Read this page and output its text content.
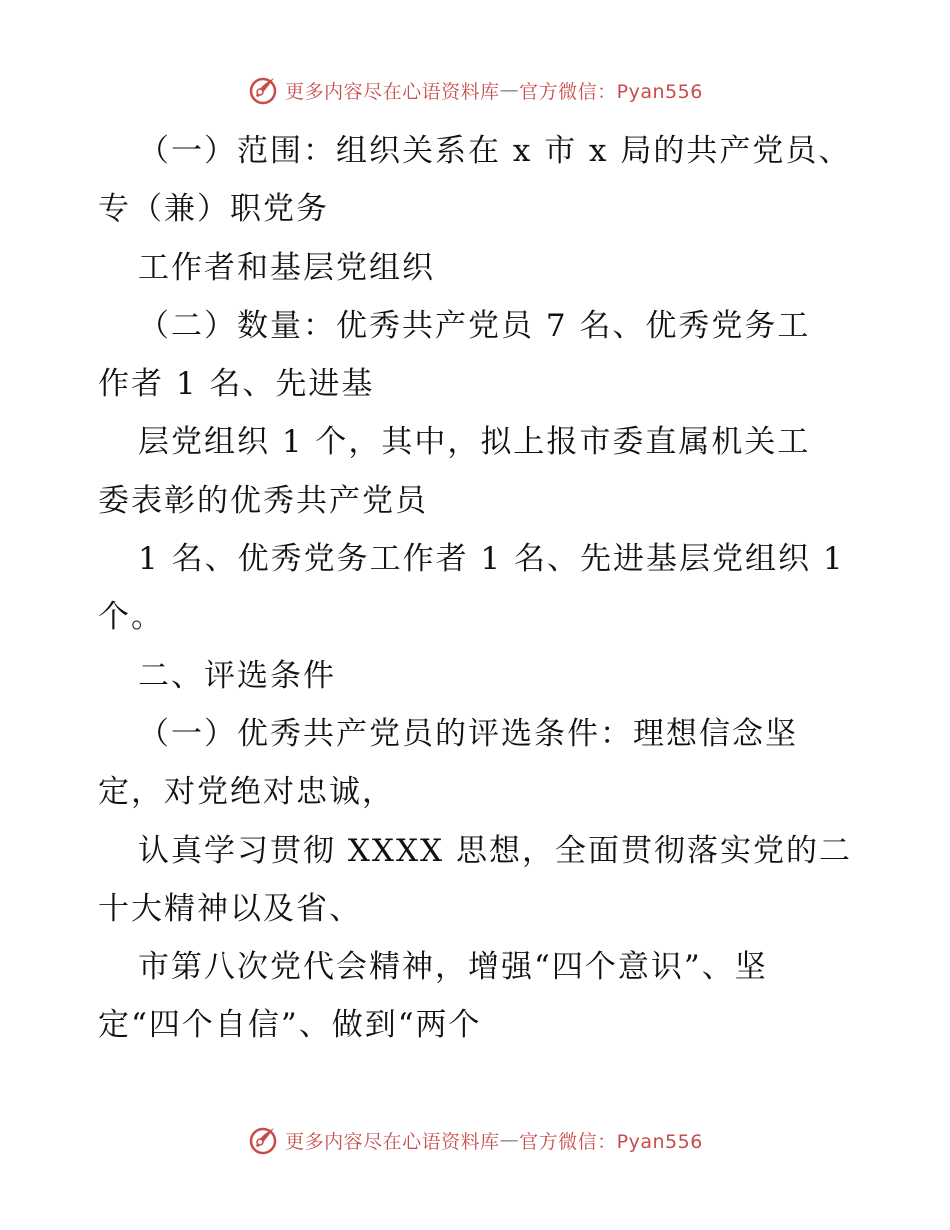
更多内容尽在心语资料库 — 官方微信：Pyan556
（一）范围：组织关系在 x 市 x 局的共产党员、
专（兼）职党务
工作者和基层党组织
（二）数量：优秀共产党员 7 名、优秀党务工
作者 1 名、先进基
层党组织 1 个，其中，拟上报市委直属机关工
委表彰的优秀共产党员
1 名、优秀党务工作者 1 名、先进基层党组织 1
个。
二、评选条件
（一）优秀共产党员的评选条件：理想信念坚
定，对党绝对忠诚，
认真学习贯彻 XXXX 思想，全面贯彻落实党的二
十大精神以及省、
市第八次党代会精神，增强“四个意识”、坚
定“四个自信”、做到“两个
更多内容尽在心语资料库 — 官方微信：Pyan556
